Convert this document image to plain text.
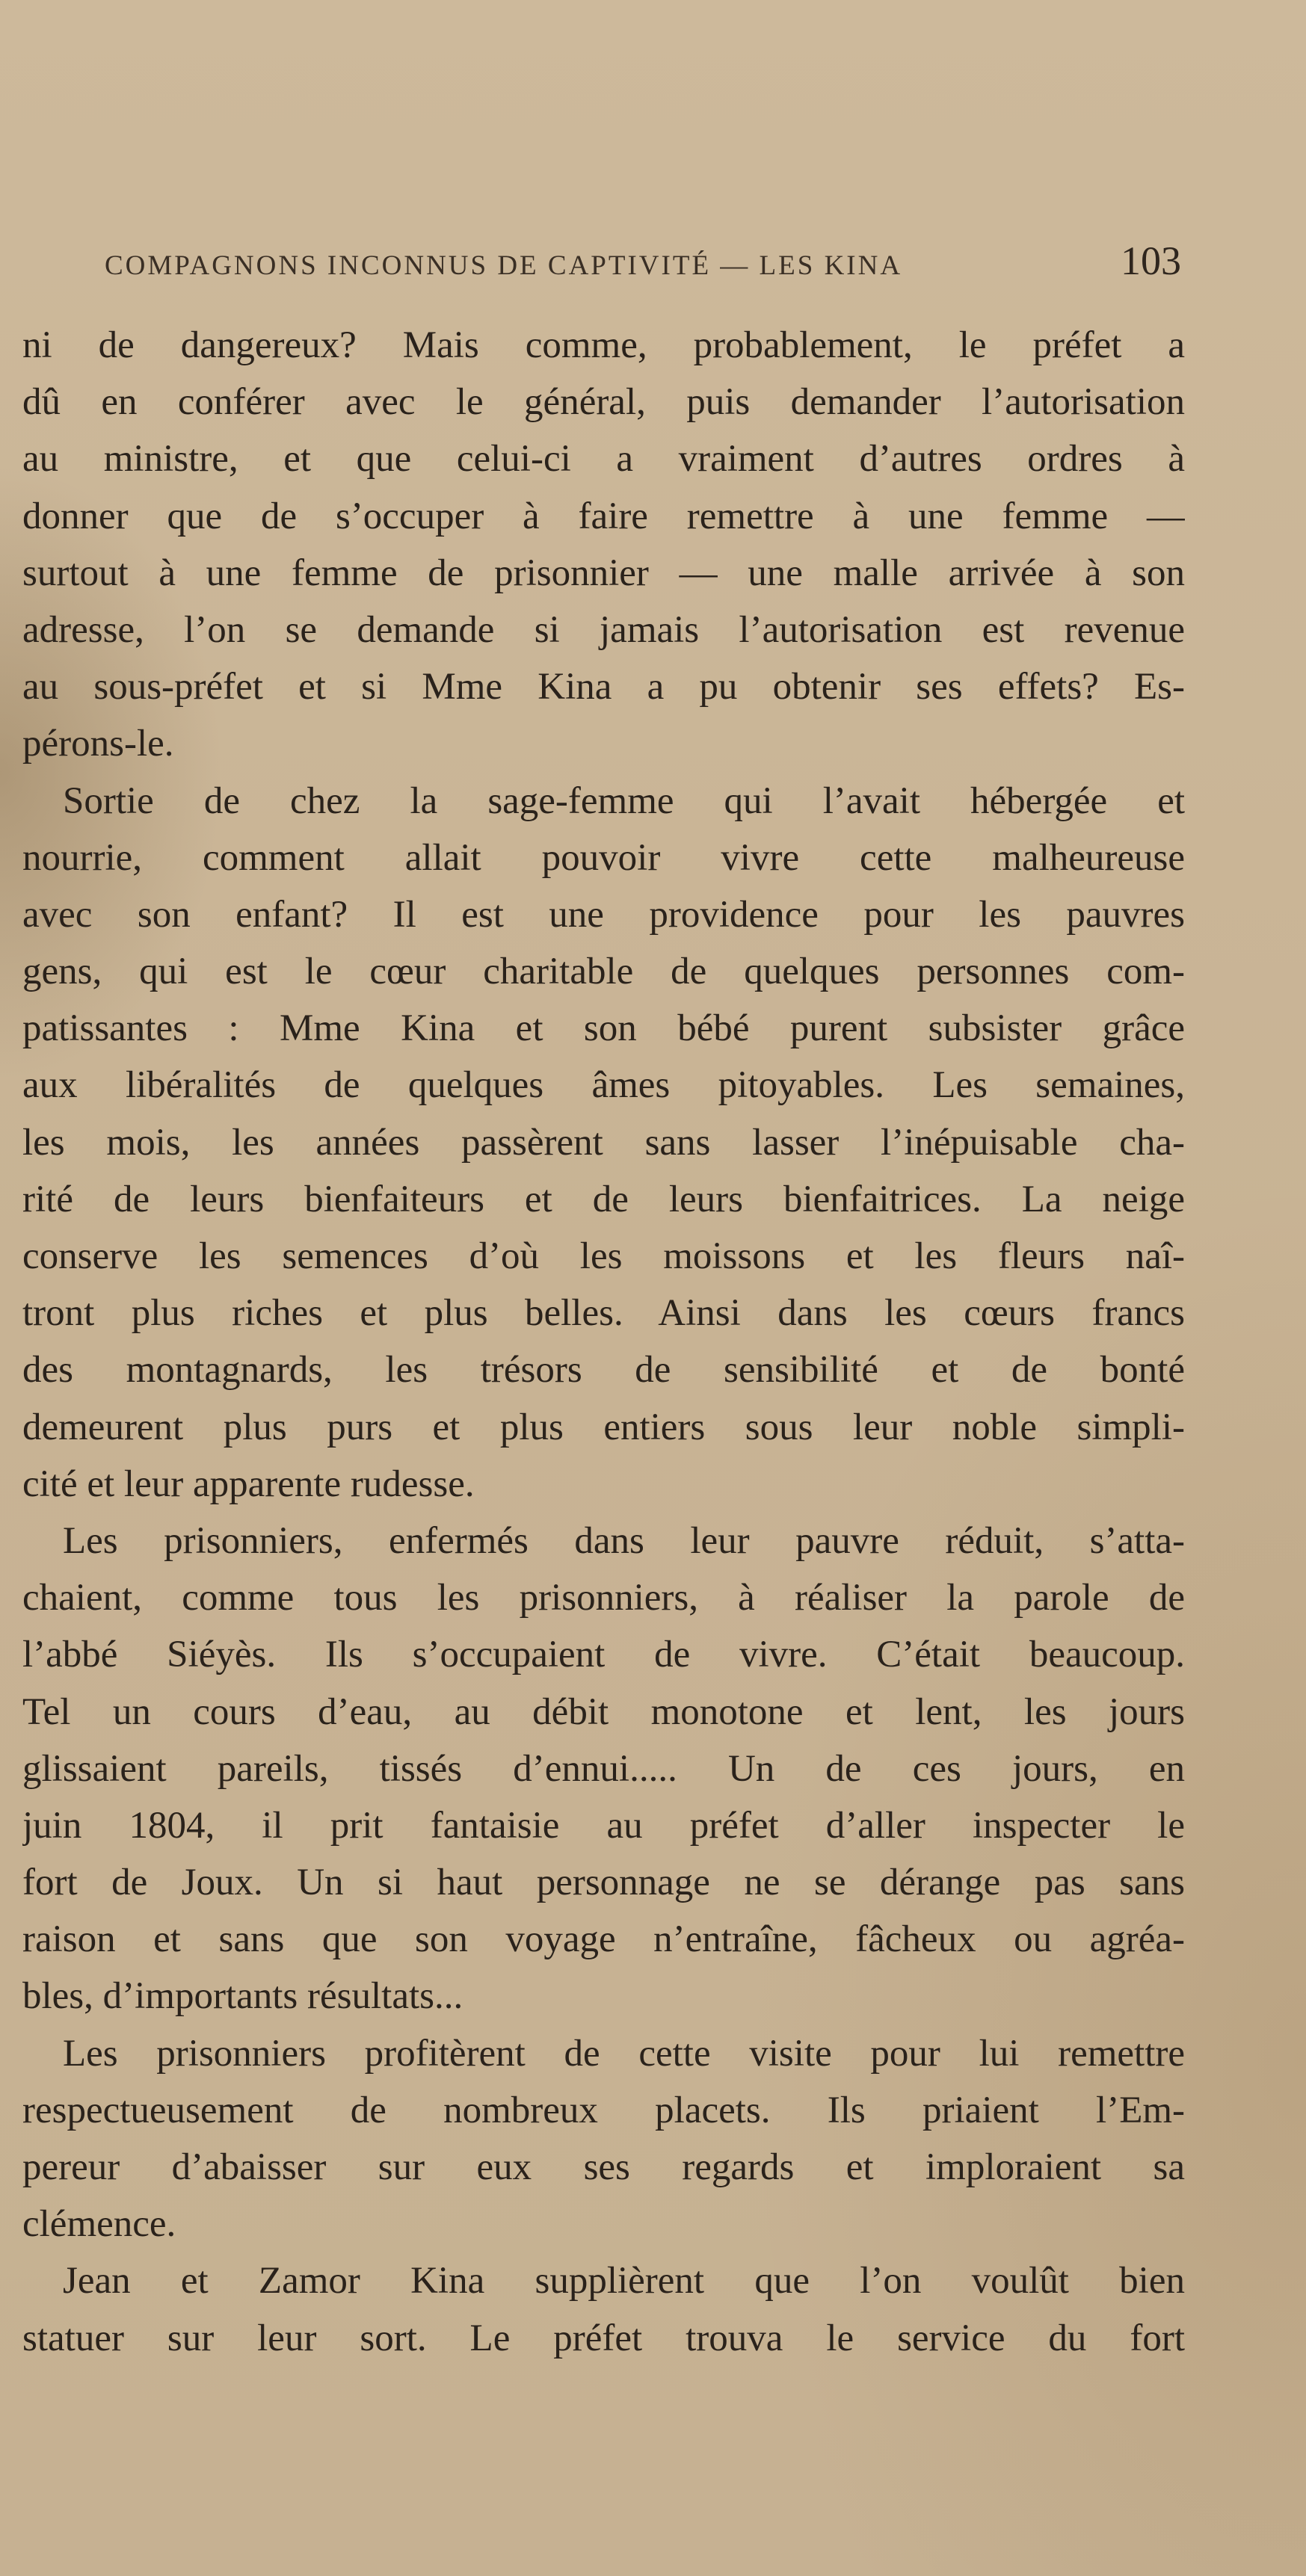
COMPAGNONS INCONNUS DE CAPTIVITÉ — LES KINA	103
ni de dangereux? Mais comme, probablement, le préfet a
dû en conférer avec le général, puis demander l’autorisation
au ministre, et que celui-ci a vraiment d’autres ordres à
donner que de s’occuper à faire remettre à une femme —
surtout à une femme de prisonnier — une malle arrivée à son
adresse, l’on se demande si jamais l’autorisation est revenue
au sous-préfet et si Mme Kina a pu obtenir ses effets? Es-
pérons-le.
Sortie de chez la sage-femme qui l’avait hébergée et
nourrie, comment allait pouvoir vivre cette malheureuse
avec son enfant? Il est une providence pour les pauvres
gens, qui est le cœur charitable de quelques personnes com-
patissantes : Mme Kina et son bébé purent subsister grâce
aux libéralités de quelques âmes pitoyables. Les semaines,
les mois, les années passèrent sans lasser l’inépuisable cha-
rité de leurs bienfaiteurs et de leurs bienfaitrices. La neige
conserve les semences d’où les moissons et les fleurs naî-
tront plus riches et plus belles. Ainsi dans les cœurs francs
des montagnards, les trésors de sensibilité et de bonté
demeurent plus purs et plus entiers sous leur noble simpli-
cité et leur apparente rudesse.
Les prisonniers, enfermés dans leur pauvre réduit, s’atta-
chaient, comme tous les prisonniers, à réaliser la parole de
l’abbé Siéyès. Ils s’occupaient de vivre. C’était beaucoup.
Tel un cours d’eau, au débit monotone et lent, les jours
glissaient pareils, tissés d’ennui..... Un de ces jours, en
juin 1804, il prit fantaisie au préfet d’aller inspecter le
fort de Joux. Un si haut personnage ne se dérange pas sans
raison et sans que son voyage n’entraîne, fâcheux ou agréa-
bles, d’importants résultats...
Les prisonniers profitèrent de cette visite pour lui remettre
respectueusement de nombreux placets. Ils priaient l’Em-
pereur d’abaisser sur eux ses regards et imploraient sa
clémence.
Jean et Zamor Kina supplièrent que l’on voulût bien
statuer sur leur sort. Le préfet trouva le service du fort
